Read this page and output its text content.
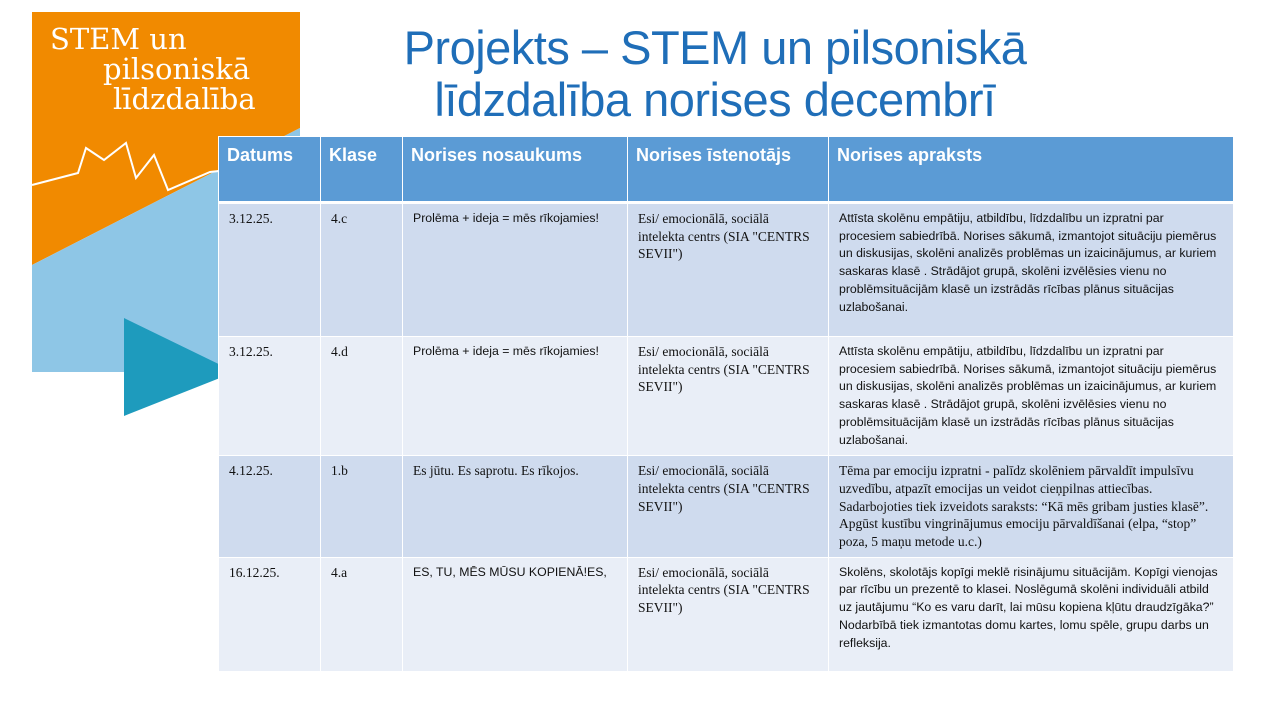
STEM un
pilsoniskā
līdzdalība
Projekts – STEM un pilsoniskā
līdzdalība norises decembrī
Datums	Klase	Norises nosaukums	Norises īstenotājs	Norises apraksts
3.12.25.	4.c	Prolēma + ideja = mēs rīkojamies!	Esi/ emocionālā, sociālā intelekta centrs (SIA "CENTRS SEVII")	Attīsta skolēnu empātiju, atbildību, līdzdalību un izpratni par procesiem sabiedrībā. Norises sākumā, izmantojot situāciju piemērus un diskusijas, skolēni analizēs problēmas un izaicinājumus, ar kuriem saskaras klasē . Strādājot grupā, skolēni izvēlēsies vienu no problēmsituācijām klasē un izstrādās rīcības plānus situācijas uzlabošanai.
3.12.25.	4.d	Prolēma + ideja = mēs rīkojamies!	Esi/ emocionālā, sociālā intelekta centrs (SIA "CENTRS SEVII")	Attīsta skolēnu empātiju, atbildību, līdzdalību un izpratni par procesiem sabiedrībā. Norises sākumā, izmantojot situāciju piemērus un diskusijas, skolēni analizēs problēmas un izaicinājumus, ar kuriem saskaras klasē . Strādājot grupā, skolēni izvēlēsies vienu no problēmsituācijām klasē un izstrādās rīcības plānus situācijas uzlabošanai.
4.12.25.	1.b	Es jūtu. Es saprotu. Es rīkojos.	Esi/ emocionālā, sociālā intelekta centrs (SIA "CENTRS SEVII")	Tēma par emociju izpratni - palīdz skolēniem pārvaldīt impulsīvu uzvedību, atpazīt emocijas un veidot cieņpilnas attiecības. Sadarbojoties tiek izveidots saraksts: “Kā mēs gribam justies klasē”. Apgūst kustību vingrinājumus emociju pārvaldīšanai (elpa, “stop” poza, 5 maņu metode u.c.)
16.12.25.	4.a	ES, TU, MĒS MŪSU KOPIENĀ!ES,	Esi/ emocionālā, sociālā intelekta centrs (SIA "CENTRS SEVII")	Skolēns, skolotājs kopīgi meklē risinājumu situācijām. Kopīgi vienojas par rīcību un prezentē to klasei. Noslēgumā skolēni individuāli atbild uz jautājumu “Ko es varu darīt, lai mūsu kopiena kļūtu draudzīgāka?”
Nodarbībā tiek izmantotas domu kartes, lomu spēle, grupu darbs un refleksija.
